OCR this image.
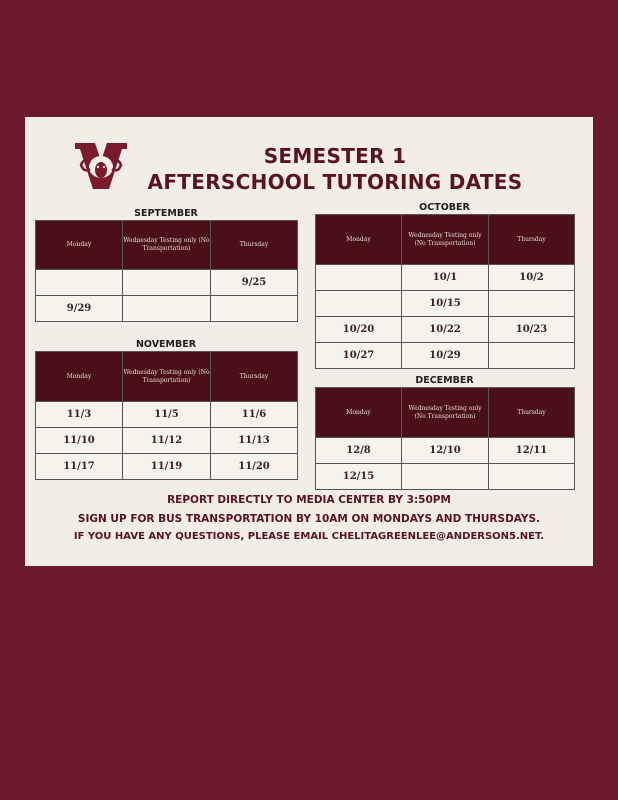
SEMESTER 1
AFTERSCHOOL TUTORING DATES
SEPTEMBER
Monday	Wednesday Testing only (No Transportation)	Thursday
		9/25
9/29		
OCTOBER
Monday	Wednesday Testing only (No Transportation)	Thursday
	10/1	10/2
	10/15	
10/20	10/22	10/23
10/27	10/29	
NOVEMBER
Monday	Wednesday Testing only (No Transportation)	Thursday
11/3	11/5	11/6
11/10	11/12	11/13
11/17	11/19	11/20
DECEMBER
Monday	Wednesday Testing only (No Transportation)	Thursday
12/8	12/10	12/11
12/15		
REPORT DIRECTLY TO MEDIA CENTER BY 3:50PM
SIGN UP FOR BUS TRANSPORTATION BY 10AM ON MONDAYS AND THURSDAYS.
IF YOU HAVE ANY QUESTIONS, PLEASE EMAIL CHELITAGREENLEE@ANDERSON5.NET.
